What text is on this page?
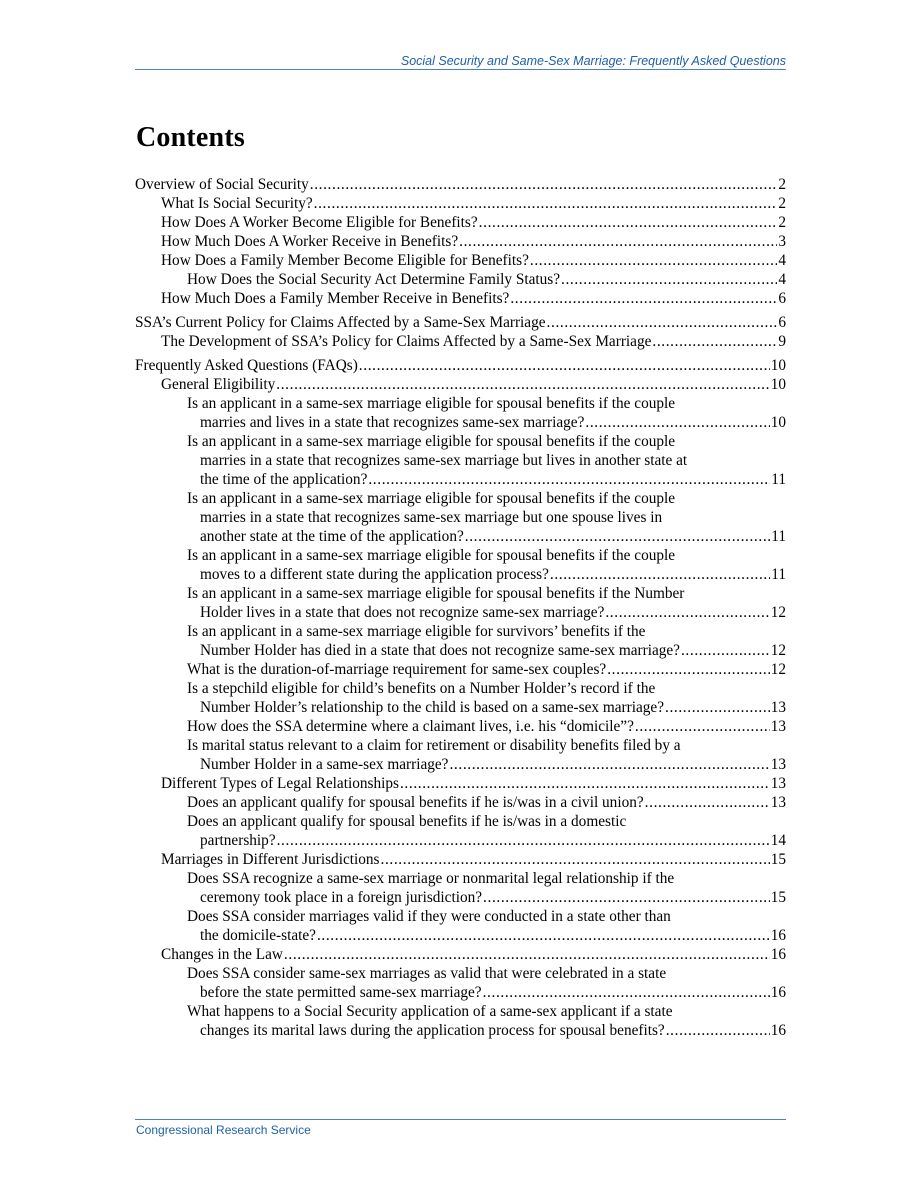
Social Security and Same-Sex Marriage: Frequently Asked Questions
Contents
Overview of Social Security . . .	2
What Is Social Security? . . .	2
How Does A Worker Become Eligible for Benefits? . . .	2
How Much Does A Worker Receive in Benefits? . . .	3
How Does a Family Member Become Eligible for Benefits? . . .	4
How Does the Social Security Act Determine Family Status? . . .	4
How Much Does a Family Member Receive in Benefits? . . .	6
SSA’s Current Policy for Claims Affected by a Same-Sex Marriage . . .	6
The Development of SSA’s Policy for Claims Affected by a Same-Sex Marriage . . .	9
Frequently Asked Questions (FAQs) . . .	10
General Eligibility . . .	10
Is an applicant in a same-sex marriage eligible for spousal benefits if the couple
marries and lives in a state that recognizes same-sex marriage? . . .	10
Is an applicant in a same-sex marriage eligible for spousal benefits if the couple
marries in a state that recognizes same-sex marriage but lives in another state at
the time of the application? . . .	11
Is an applicant in a same-sex marriage eligible for spousal benefits if the couple
marries in a state that recognizes same-sex marriage but one spouse lives in
another state at the time of the application? . . .	11
Is an applicant in a same-sex marriage eligible for spousal benefits if the couple
moves to a different state during the application process? . . .	11
Is an applicant in a same-sex marriage eligible for spousal benefits if the Number
Holder lives in a state that does not recognize same-sex marriage? . . .	12
Is an applicant in a same-sex marriage eligible for survivors’ benefits if the
Number Holder has died in a state that does not recognize same-sex marriage? . . .	12
What is the duration-of-marriage requirement for same-sex couples? . . .	12
Is a stepchild eligible for child’s benefits on a Number Holder’s record if the
Number Holder’s relationship to the child is based on a same-sex marriage? . . .	13
How does the SSA determine where a claimant lives, i.e. his “domicile”? . . .	13
Is marital status relevant to a claim for retirement or disability benefits filed by a
Number Holder in a same-sex marriage? . . .	13
Different Types of Legal Relationships . . .	13
Does an applicant qualify for spousal benefits if he is/was in a civil union? . . .	13
Does an applicant qualify for spousal benefits if he is/was in a domestic
partnership? . . .	14
Marriages in Different Jurisdictions . . .	15
Does SSA recognize a same-sex marriage or nonmarital legal relationship if the
ceremony took place in a foreign jurisdiction? . . .	15
Does SSA consider marriages valid if they were conducted in a state other than
the domicile-state? . . .	16
Changes in the Law . . .	16
Does SSA consider same-sex marriages as valid that were celebrated in a state
before the state permitted same-sex marriage? . . .	16
What happens to a Social Security application of a same-sex applicant if a state
changes its marital laws during the application process for spousal benefits? . . .	16
Congressional Research Service
